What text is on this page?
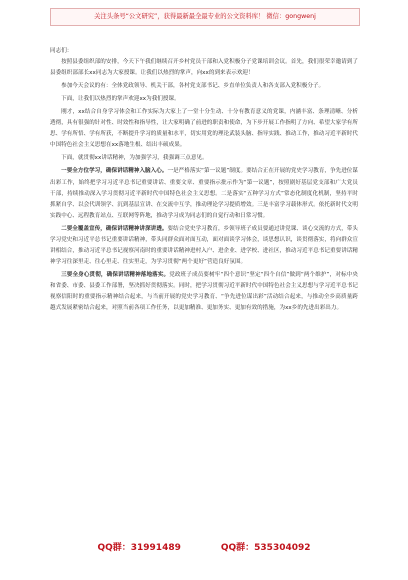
关注头条号“公文研究”，获得最新最全最专业的公文资料库！ 微信：gongwenj

同志们：

按照县委组织部的安排，今天下午我们继续召开乡村党员干部和入党积极分子党课培训会议。首先，我们很荣幸邀请到了县委组织部部长xx同志为大家授课。让我们以热烈的掌声，向xx的到来表示欢迎！

参加今天会议的有：全体党政领导、机关干部，各村党支部书记、乡直单位负责人和各支部入党积极分子。

下面，让我们以热烈的掌声欢迎xx为我们授课。

刚才，xx结合自身学习体会和工作实际为大家上了一堂十分生动、十分有教育意义的党课，内涵丰富、条理清晰、分析透彻，具有很强的针对性、时效性和指导性，让大家明确了前进的职责和使命，为下步开展工作指明了方向、希望大家学有所思、学有所悟、学有所获，不断提升学习的质量和水平，切实用党的理论武装头脑、指导实践、推动工作，推动习近平新时代中国特色社会主义思想在xx落地生根、结出丰硕成果。

下面，就贯彻xx讲话精神，为加强学习，我强调三点意见。

一要全方位学习，确保讲话精神入脑入心。一是严格落实“第一议题”制度。要结合正在开展的党史学习教育，争先进位谋出彩工作，始终把学习习近平总书记重要讲话、重要文章、重要指示批示作为“第一议题”，按照剧好基层党支部和广大党员干部，持续推动深入学习贯彻习近平新时代中国特色社会主义思想。二是落实“五种学习方式”常态化制度化机制，坚持平时抓紧自学、以会代训领学、沉到基层宣讲、在交流中互学，推动理论学习提质增效。三是丰富学习载体形式。依托新时代文明实践中心、远程教育站点、互联网等阵地，推动学习成为同志们的自觉行动和日常习惯。

二要全覆盖宣传，确保讲话精神讲深讲透。要结合党史学习教育，乡领导班子成员要通过讲党课、谈心交流的方式，带头学习党史和习近平总书记重要讲话精神，带头同群众面对面互动，面对面谈学习体会，谈思想认识，谈贯彻落实，将向群众宣讲相结合，推动习近平总书记视察河南时的重要讲话精神进村入户、进企业、进学校、进社区，推动习近平总书记重要讲话精神学习往深里走、往心里走、往实里走，为学习贯彻“两个更好”营造良好氛围。

三要全身心贯彻，确保讲话精神落地落实。党政班子成员要树牢“四个意识”坚定“四个自信”做到“两个维护”，对标中央和省委、市委、县委工作部署，坚决抓好贯彻落实。同时，把学习贯彻习近平新时代中国特色社会主义思想与学习近平总书记视察信阳时的重要指示精神结合起来，与当前开展的党史学习教育、“争先进位谋出彩”活动结合起来，与推动全乡高质量跨越式发展紧密结合起来，对照当前各项工作任务，以更加精准、更加务实、更加有效的措施，为xx乡的先进出彩出力。

QQ群：31991489	QQ群：535304092
